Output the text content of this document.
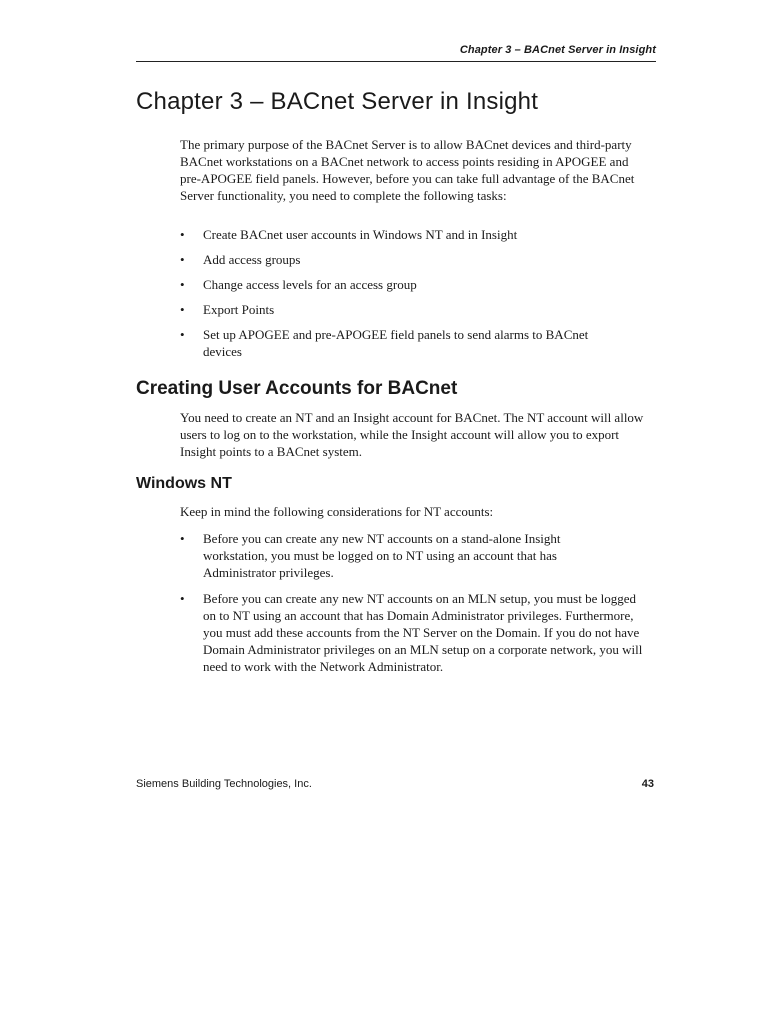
Chapter 3 – BACnet Server in Insight
Chapter 3 – BACnet Server in Insight

The primary purpose of the BACnet Server is to allow BACnet devices and third-party BACnet workstations on a BACnet network to access points residing in APOGEE and pre-APOGEE field panels. However, before you can take full advantage of the BACnet Server functionality, you need to complete the following tasks:

• Create BACnet user accounts in Windows NT and in Insight
• Add access groups
• Change access levels for an access group
• Export Points
• Set up APOGEE and pre-APOGEE field panels to send alarms to BACnet devices
Creating User Accounts for BACnet

You need to create an NT and an Insight account for BACnet. The NT account will allow users to log on to the workstation, while the Insight account will allow you to export Insight points to a BACnet system.

Windows NT

Keep in mind the following considerations for NT accounts:

• Before you can create any new NT accounts on a stand-alone Insight workstation, you must be logged on to NT using an account that has Administrator privileges.
• Before you can create any new NT accounts on an MLN setup, you must be logged on to NT using an account that has Domain Administrator privileges. Furthermore, you must add these accounts from the NT Server on the Domain. If you do not have Domain Administrator privileges on an MLN setup on a corporate network, you will need to work with the Network Administrator.
Siemens Building Technologies, Inc.	43
